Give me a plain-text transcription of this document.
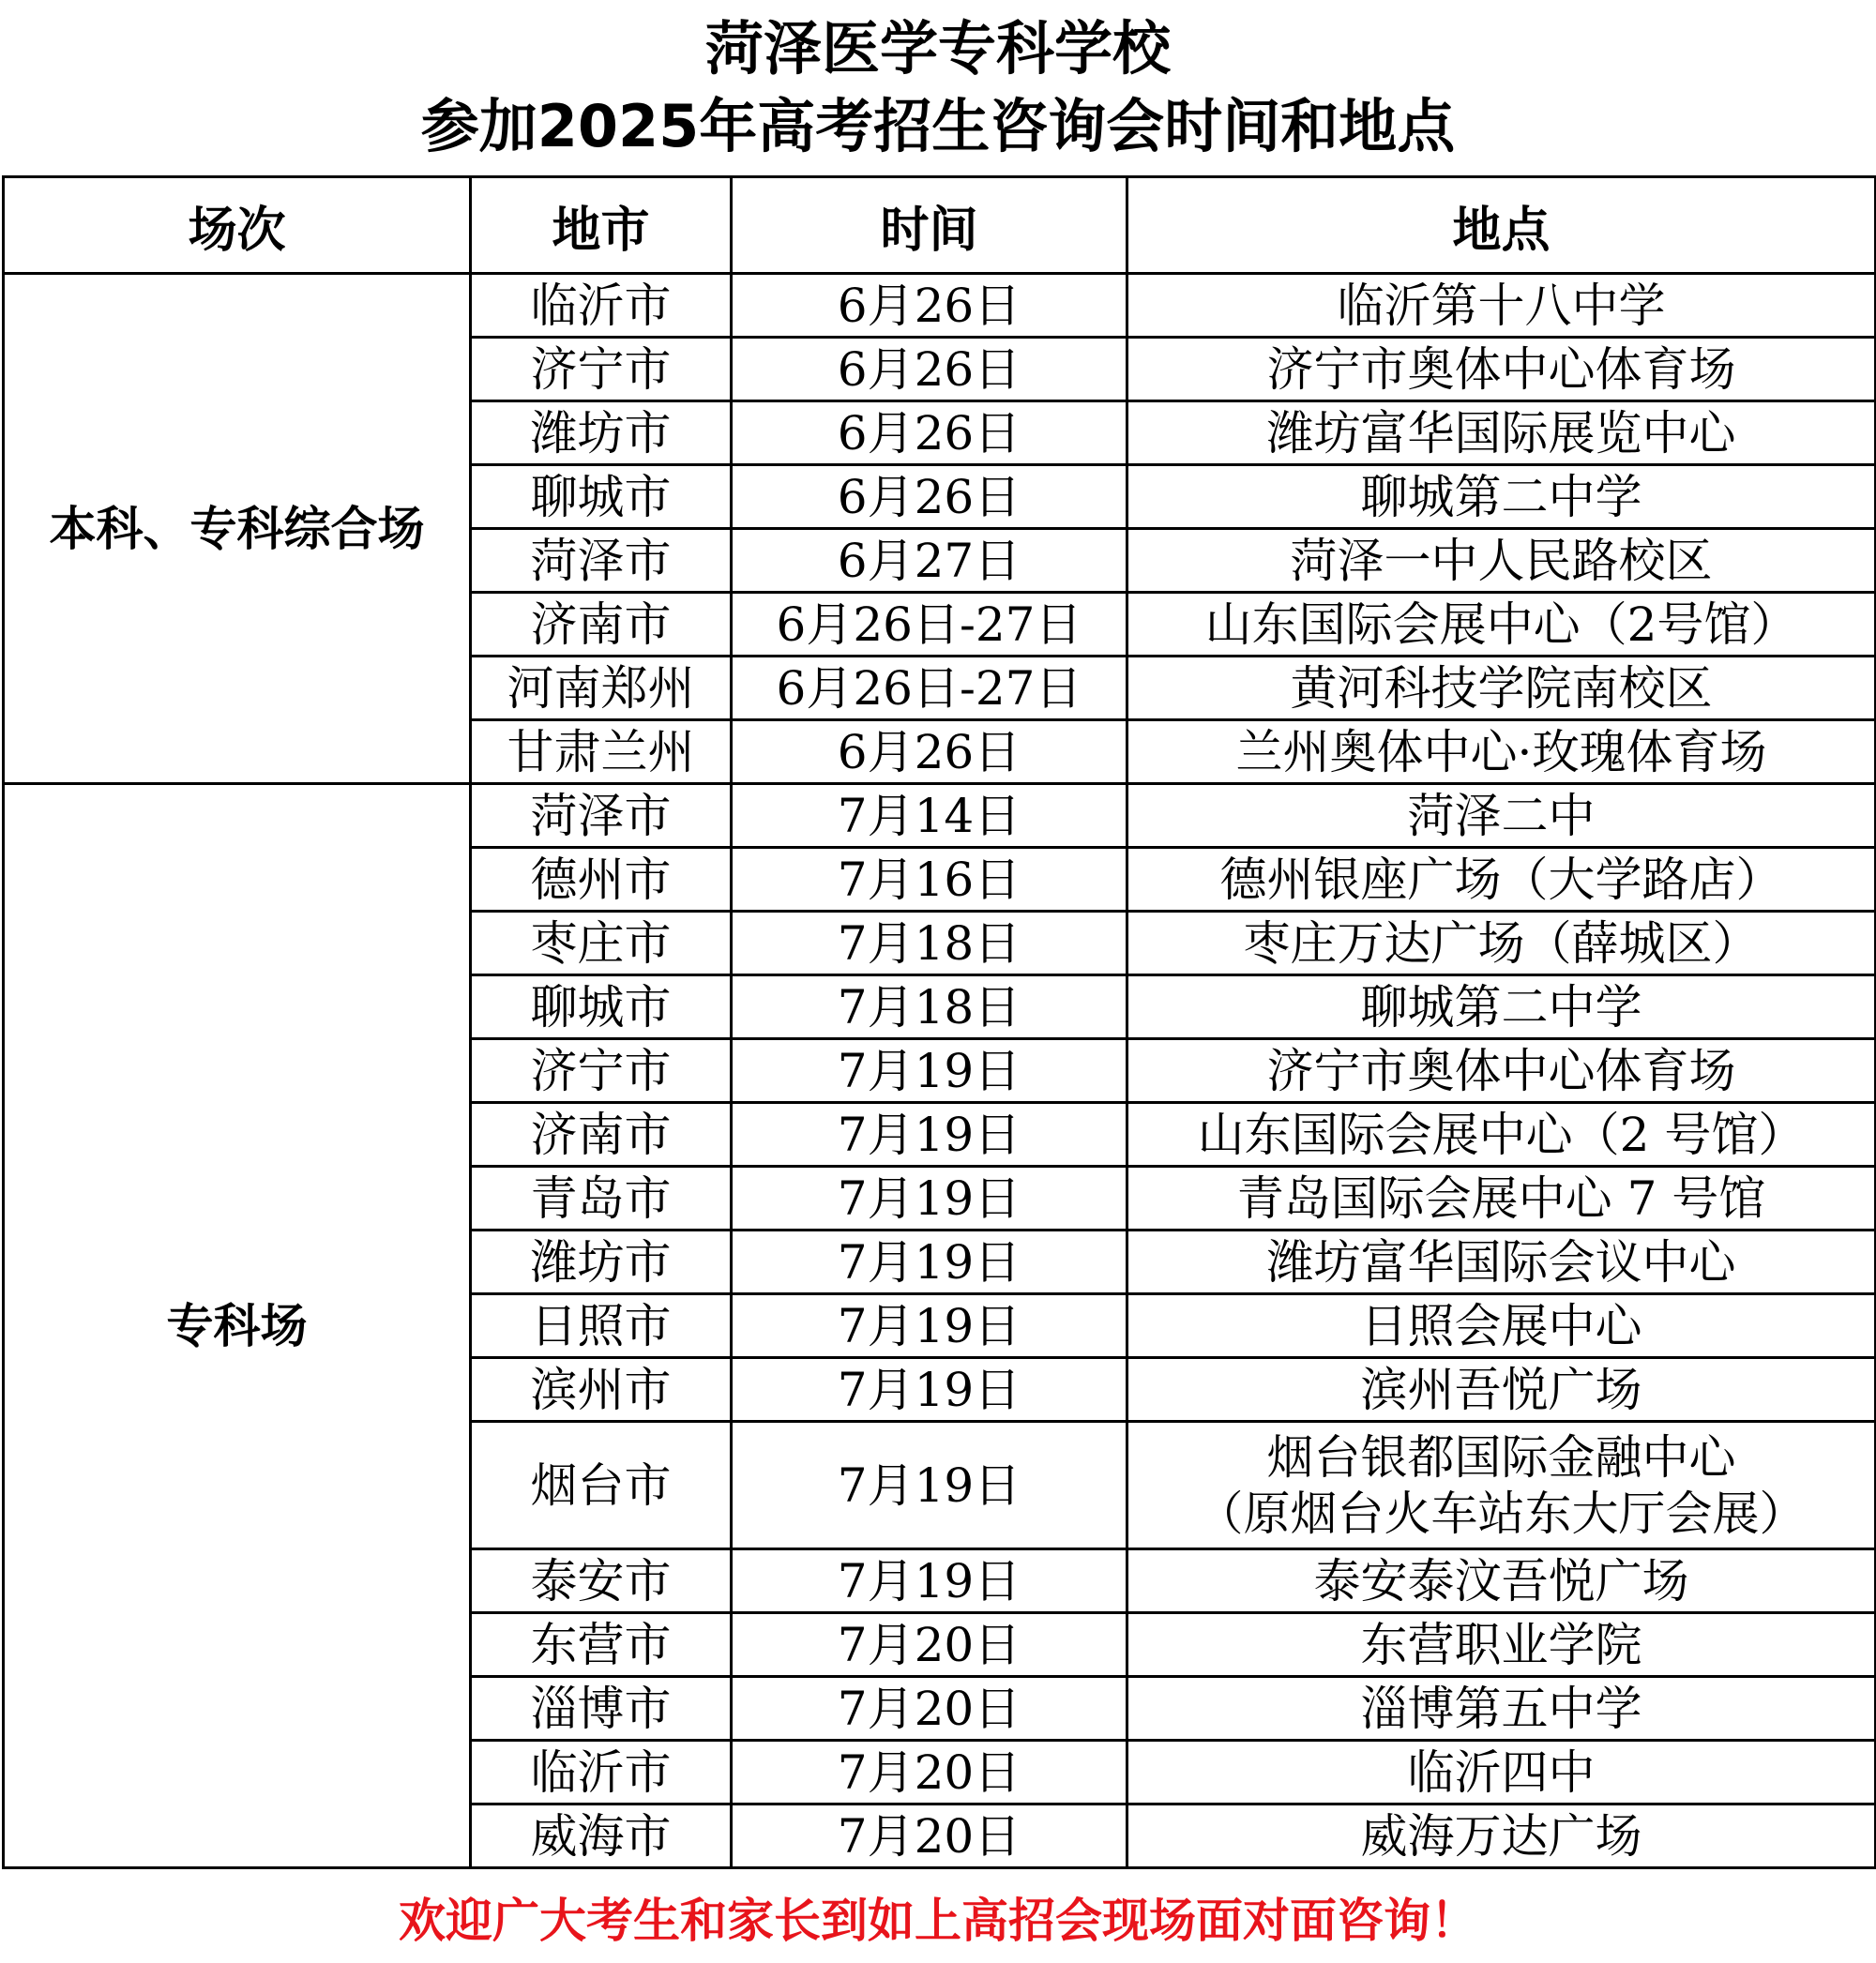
菏泽医学专科学校
参加2025年高考招生咨询会时间和地点
场次	地市	时间	地点
本科、专科综合场	临沂市	6月26日	临沂第十八中学
	济宁市	6月26日	济宁市奥体中心体育场
	潍坊市	6月26日	潍坊富华国际展览中心
	聊城市	6月26日	聊城第二中学
	菏泽市	6月27日	菏泽一中人民路校区
	济南市	6月26日-27日	山东国际会展中心（2号馆）
	河南郑州	6月26日-27日	黄河科技学院南校区
	甘肃兰州	6月26日	兰州奥体中心·玫瑰体育场
专科场	菏泽市	7月14日	菏泽二中
	德州市	7月16日	德州银座广场（大学路店）
	枣庄市	7月18日	枣庄万达广场（薛城区）
	聊城市	7月18日	聊城第二中学
	济宁市	7月19日	济宁市奥体中心体育场
	济南市	7月19日	山东国际会展中心（2 号馆）
	青岛市	7月19日	青岛国际会展中心 7 号馆
	潍坊市	7月19日	潍坊富华国际会议中心
	日照市	7月19日	日照会展中心
	滨州市	7月19日	滨州吾悦广场
	烟台市	7月19日	烟台银都国际金融中心
（原烟台火车站东大厅会展）

	泰安市	7月19日	泰安泰汶吾悦广场
	东营市	7月20日	东营职业学院
	淄博市	7月20日	淄博第五中学
	临沂市	7月20日	临沂四中
	威海市	7月20日	威海万达广场
欢迎广大考生和家长到如上高招会现场面对面咨询！
